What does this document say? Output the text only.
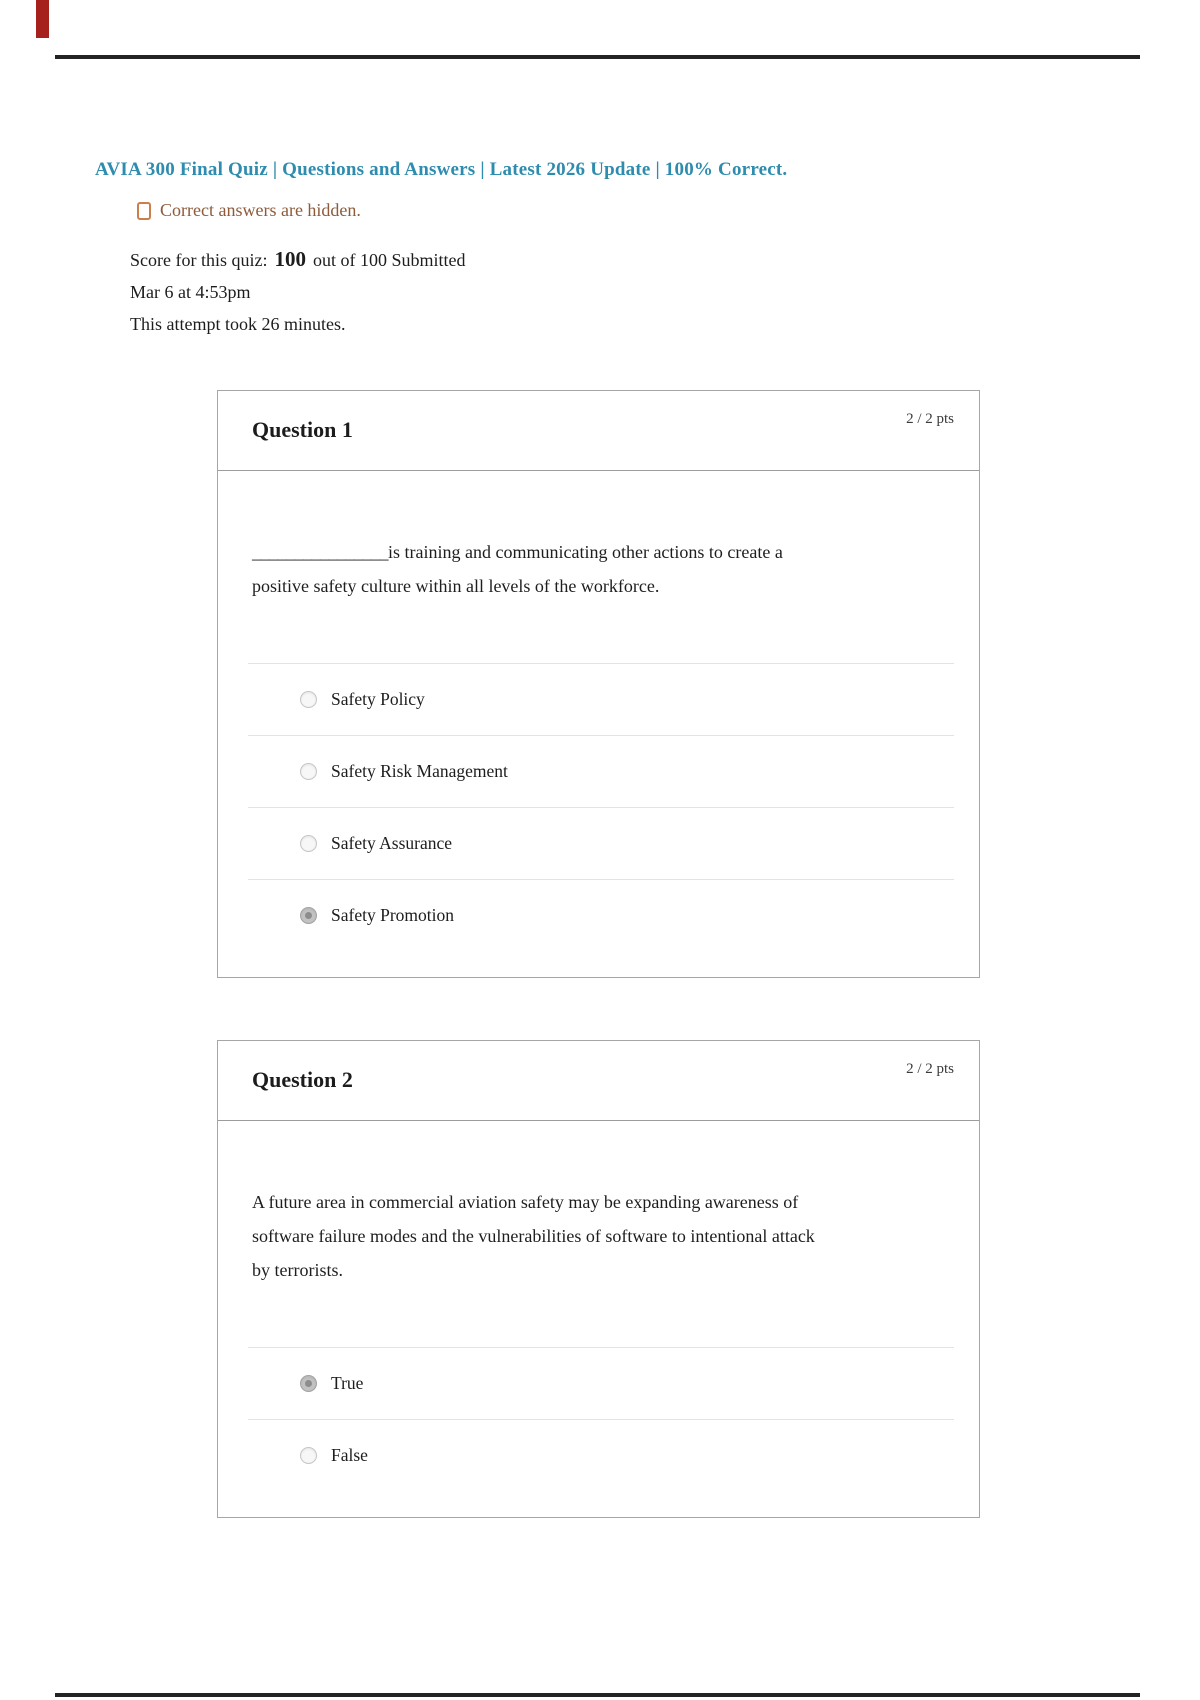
AVIA 300 Final Quiz | Questions and Answers | Latest 2026 Update | 100% Correct.
Correct answers are hidden.
Score for this quiz: 100 out of 100 Submitted
Mar 6 at 4:53pm
This attempt took 26 minutes.
Question 1	2 / 2 pts

________________is training and communicating other actions to create a positive safety culture within all levels of the workforce.

Safety Policy
Safety Risk Management
Safety Assurance
Safety Promotion
Question 2	2 / 2 pts

A future area in commercial aviation safety may be expanding awareness of software failure modes and the vulnerabilities of software to intentional attack by terrorists.

True
False
